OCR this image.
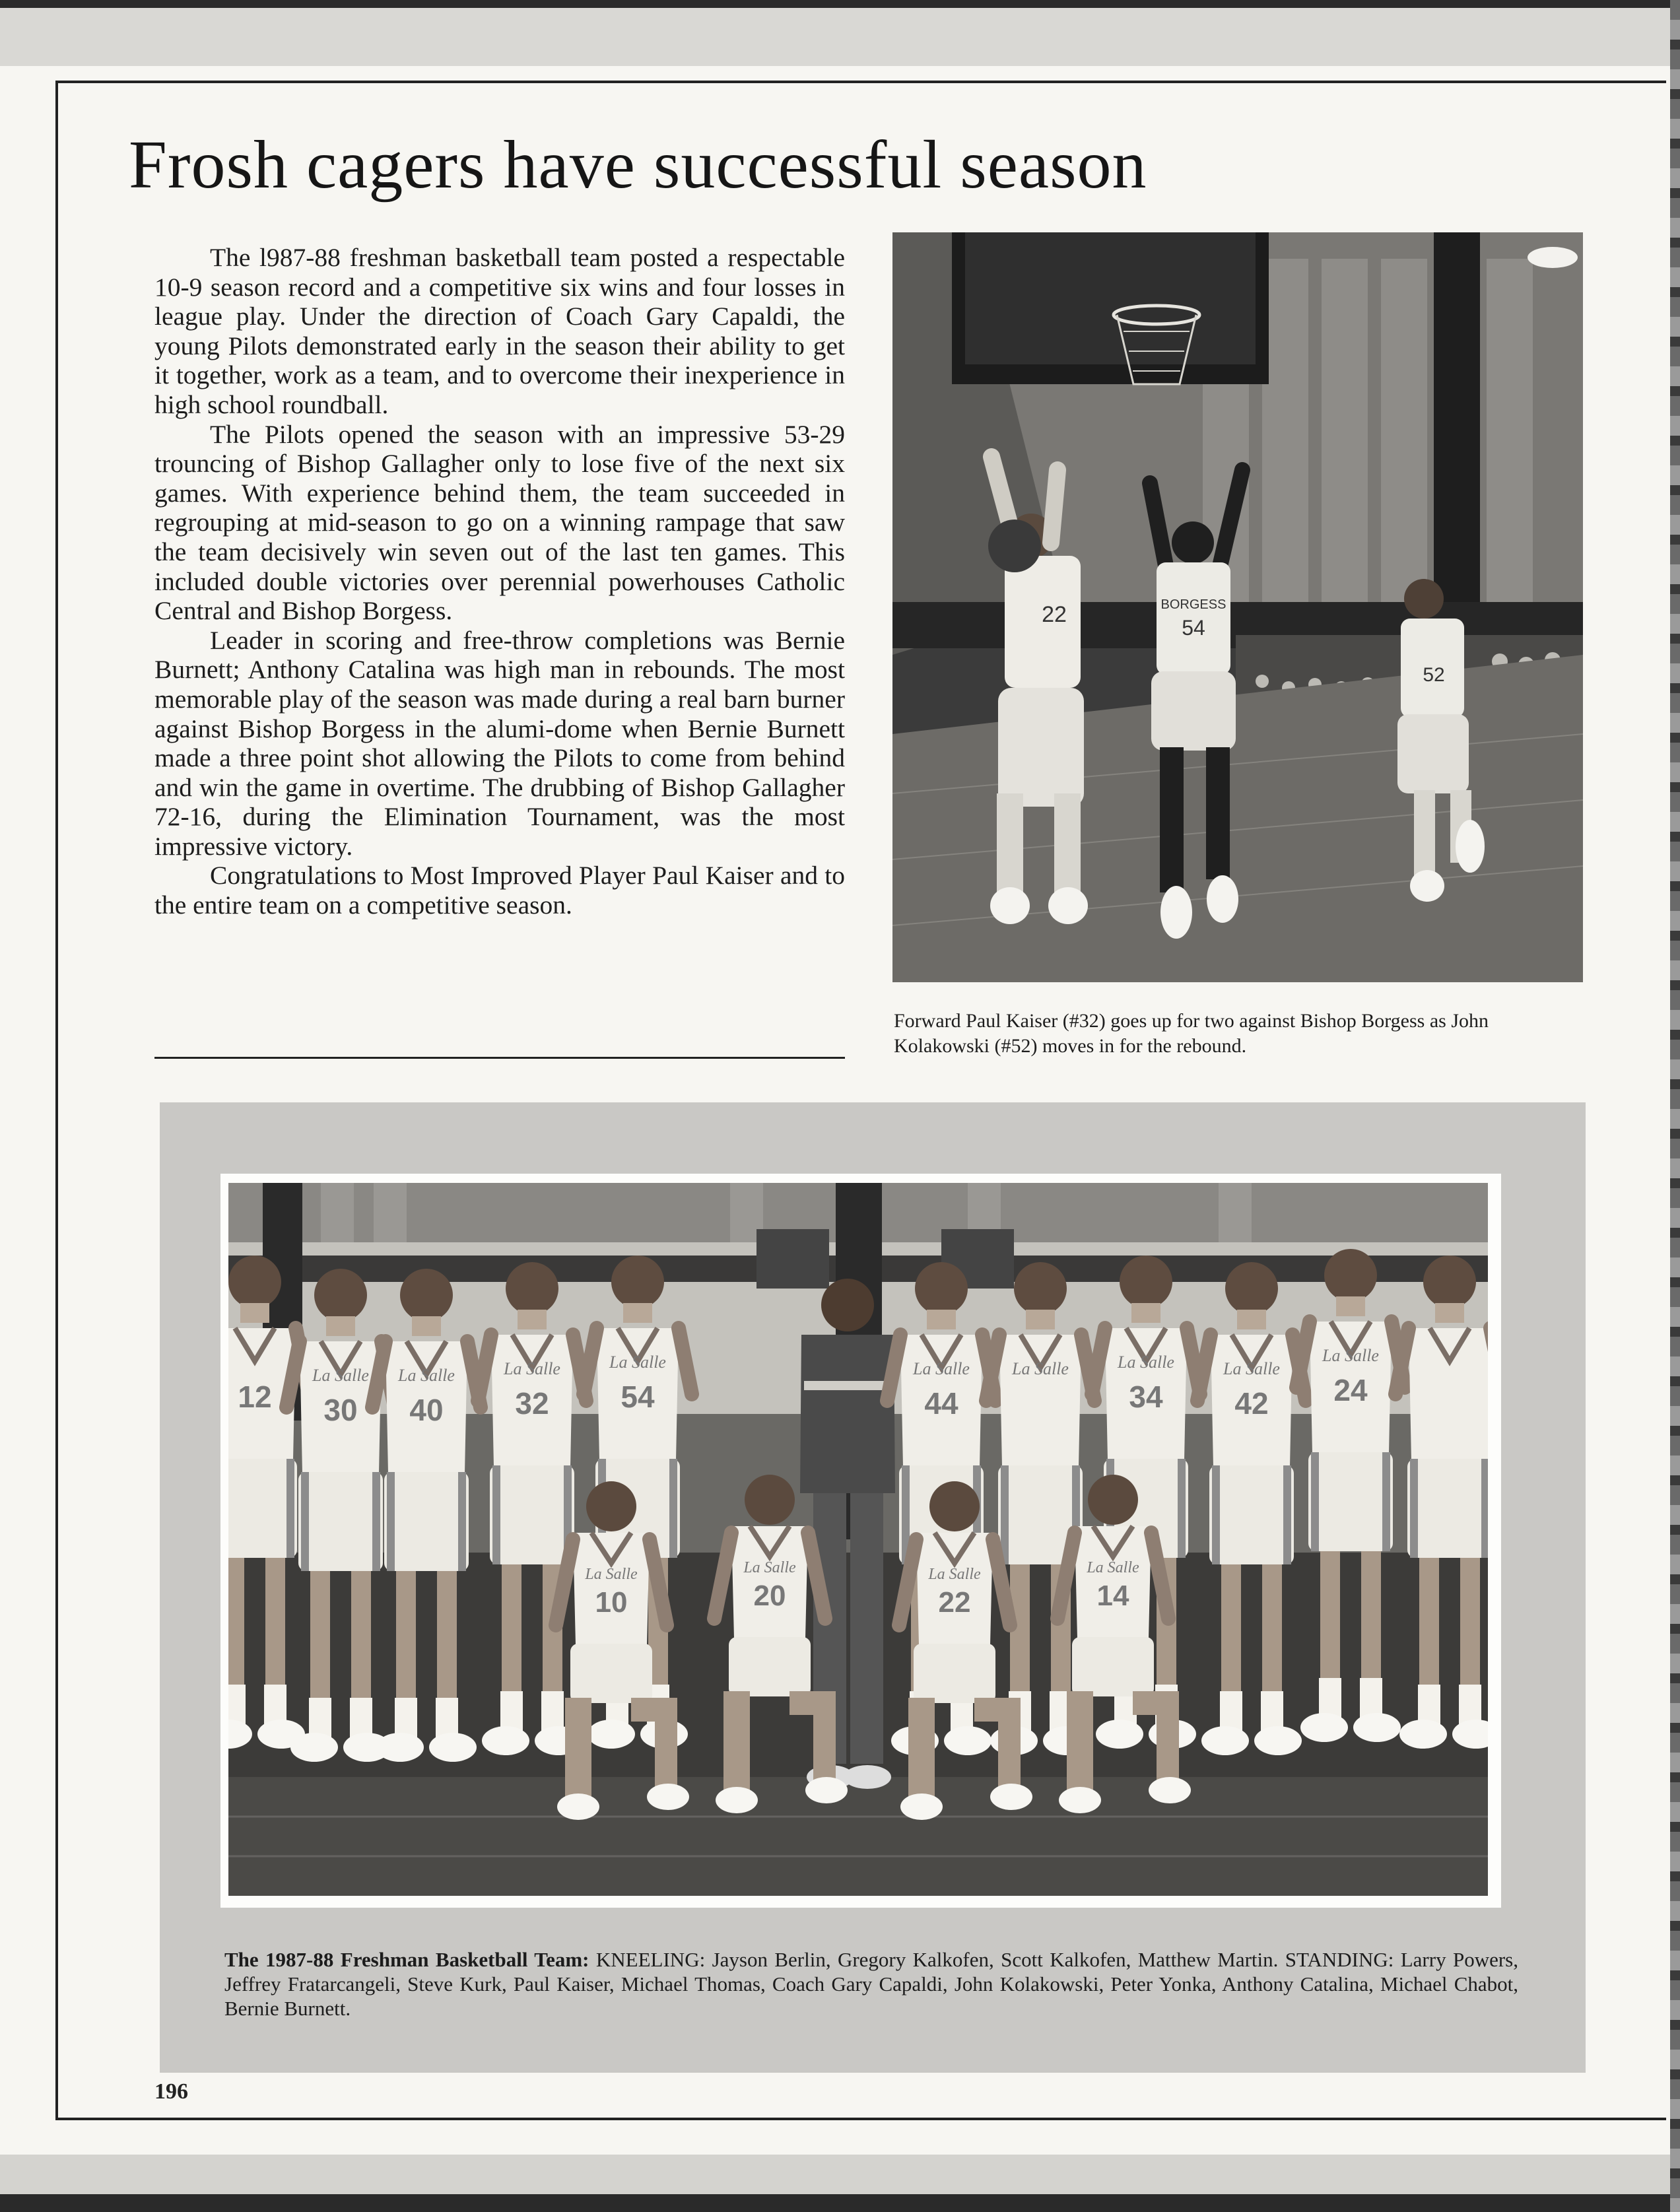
Frosh cagers have successful season

The l987-88 freshman basketball team posted a respectable 10-9 season record and a competitive six wins and four losses in league play. Under the direction of Coach Gary Capaldi, the young Pilots demonstrated early in the season their ability to get it together, work as a team, and to overcome their inexperience in high school roundball.

The Pilots opened the season with an impressive 53-29 trouncing of Bishop Gallagher only to lose five of the next six games. With experience behind them, the team succeeded in regrouping at mid-season to go on a winning rampage that saw the team decisively win seven out of the last ten games. This included double victories over perennial powerhouses Catholic Central and Bishop Borgess.

Leader in scoring and free-throw completions was Bernie Burnett; Anthony Catalina was high man in rebounds. The most memorable play of the season was made during a real barn burner against Bishop Borgess in the alumi-dome when Bernie Burnett made a three point shot allowing the Pilots to come from behind and win the game in overtime. The drubbing of Bishop Gallagher 72-16, during the Elimination Tournament, was the most impressive victory.

Congratulations to Most Improved Player Paul Kaiser and to the entire team on a competitive season.

22	BORGESS
54
52
Forward Paul Kaiser (#32) goes up for two against Bishop Borgess as John Kolakowski (#52) moves in for the rebound.
12 30 40 32 54	44	34 42 24
La Salle La Salle	La Salle	La Salle	La Salle La Salle	La Salle	La Salle
La Salle
10	20	22	14
La Salle	La Salle	La Salle	La Salle
The 1987-88 Freshman Basketball Team: KNEELING: Jayson Berlin, Gregory Kalkofen, Scott Kalkofen, Matthew Martin. STANDING: Larry Powers, Jeffrey Fratarcangeli, Steve Kurk, Paul Kaiser, Michael Thomas, Coach Gary Capaldi, John Kolakowski, Peter Yonka, Anthony Catalina, Michael Chabot, Bernie Burnett.
196
